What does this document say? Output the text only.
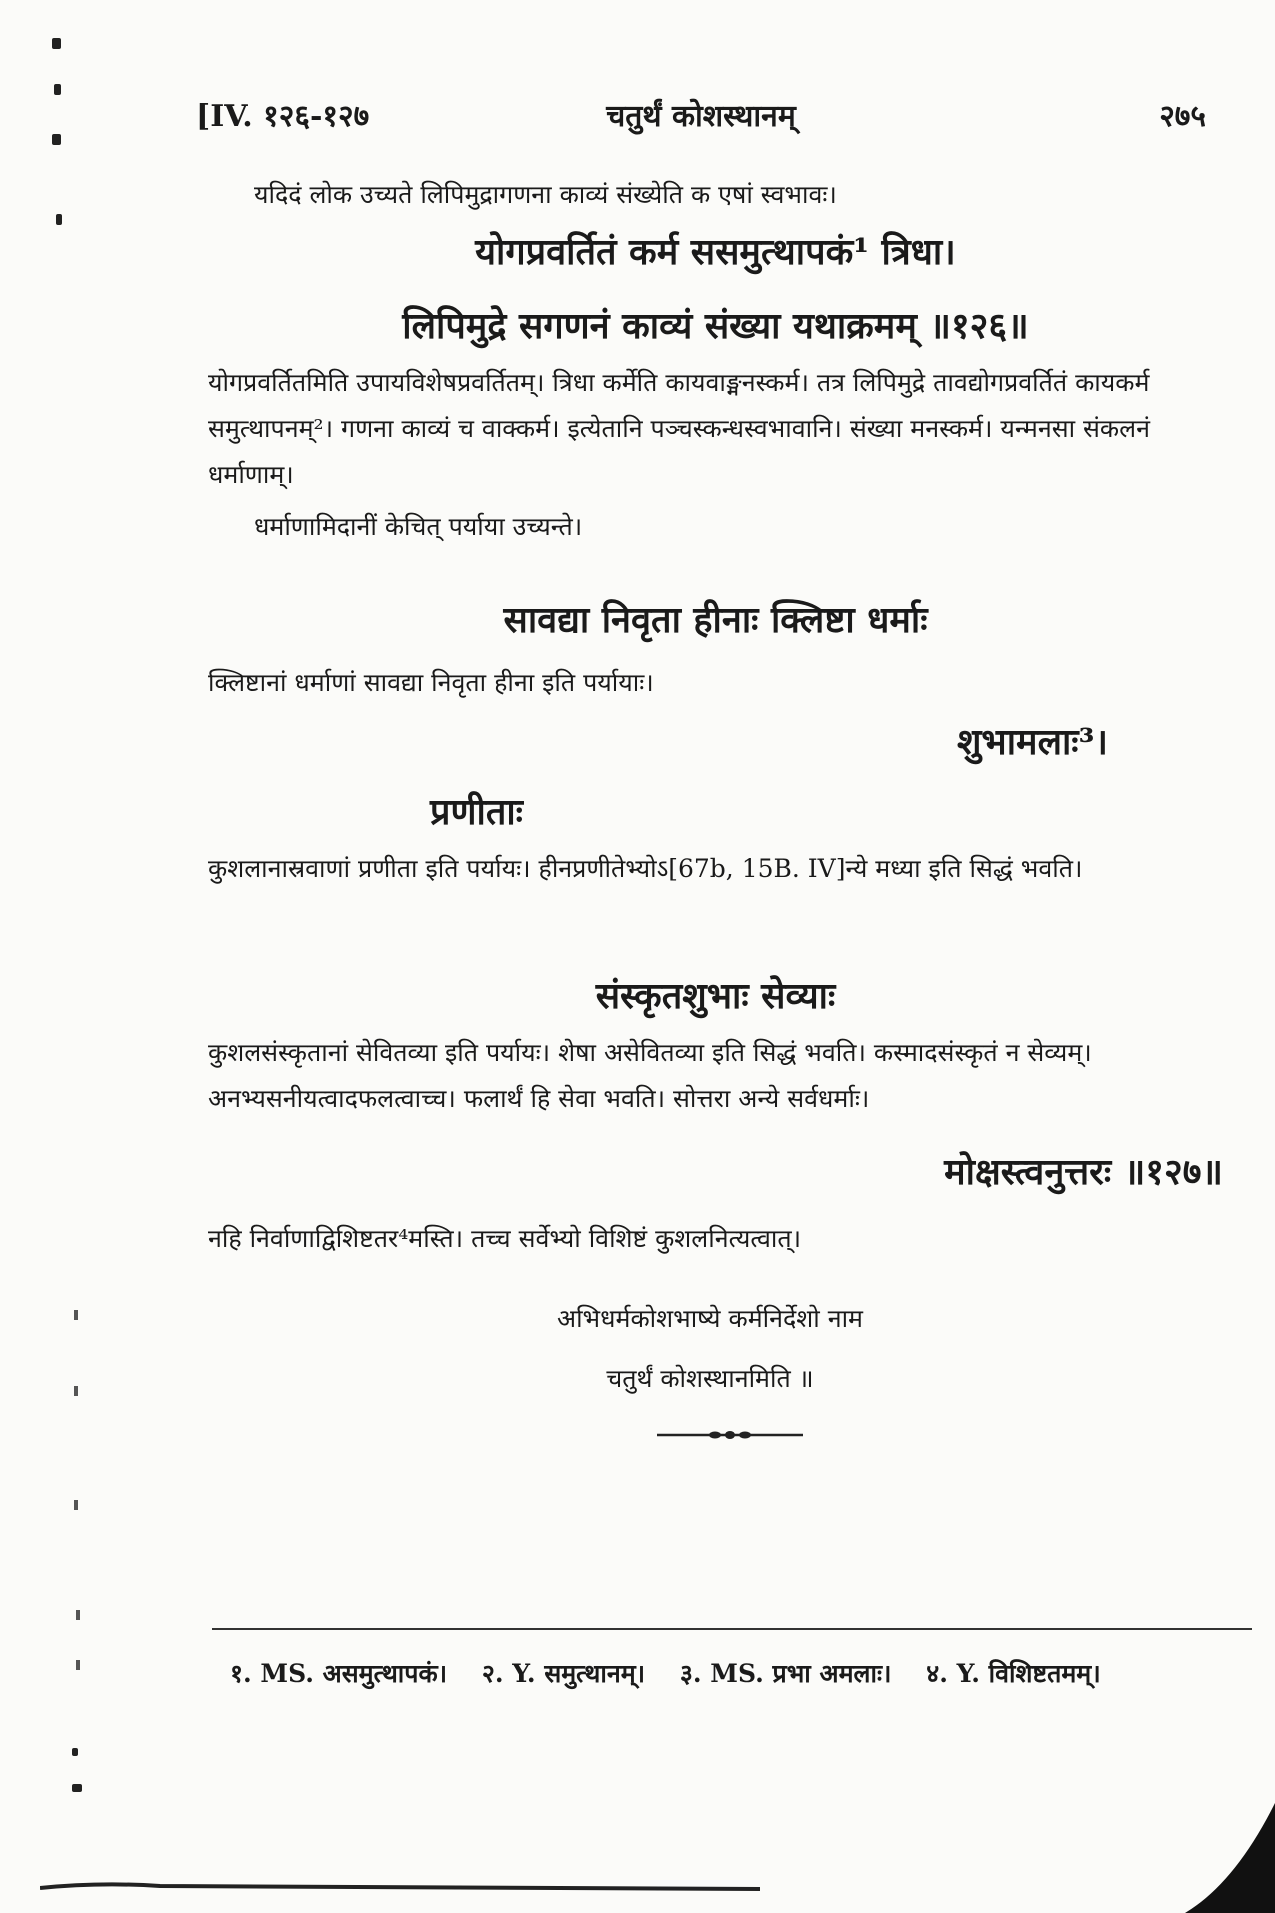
[IV. १२६-१२७	चतुर्थं कोशस्थानम्	२७५

यदिदं लोक उच्यते लिपिमुद्रागणना काव्यं संख्येति क एषां स्वभावः।

योगप्रवर्तितं कर्म ससमुत्थापकं¹ त्रिधा।

लिपिमुद्रे सगणनं काव्यं संख्या यथाक्रमम् ॥१२६॥

योगप्रवर्तितमिति उपायविशेषप्रवर्तितम्। त्रिधा कर्मेति कायवाङ्मनस्कर्म। तत्र लिपिमुद्रे तावद्योगप्रवर्तितं कायकर्म समुत्थापनम्²। गणना काव्यं च वाक्कर्म। इत्येतानि पञ्चस्कन्धस्वभावानि। संख्या मनस्कर्म। यन्मनसा संकलनं धर्माणाम्।

धर्माणामिदानीं केचित् पर्याया उच्यन्ते।

सावद्या निवृता हीनाः क्लिष्टा धर्माः

क्लिष्टानां धर्माणां सावद्या निवृता हीना इति पर्यायाः।

शुभामलाः³।

प्रणीताः

कुशलानास्रवाणां प्रणीता इति पर्यायः। हीनप्रणीतेभ्योऽ[67b, 15B. IV]न्ये मध्या इति सिद्धं भवति।

संस्कृतशुभाः सेव्याः

कुशलसंस्कृतानां सेवितव्या इति पर्यायः। शेषा असेवितव्या इति सिद्धं भवति। कस्मादसंस्कृतं न सेव्यम्। अनभ्यसनीयत्वादफलत्वाच्च। फलार्थं हि सेवा भवति। सोत्तरा अन्ये सर्वधर्माः।

मोक्षस्त्वनुत्तरः ॥१२७॥

नहि निर्वाणाद्विशिष्टतर⁴मस्ति। तच्च सर्वेभ्यो विशिष्टं कुशलनित्यत्वात्।

अभिधर्मकोशभाष्ये कर्मनिर्देशो नाम

चतुर्थं कोशस्थानमिति ॥

१. MS. असमुत्थापकं। २. Y. समुत्थानम्। ३. MS. प्रभा अमलाः। ४. Y. विशिष्टतमम्।
